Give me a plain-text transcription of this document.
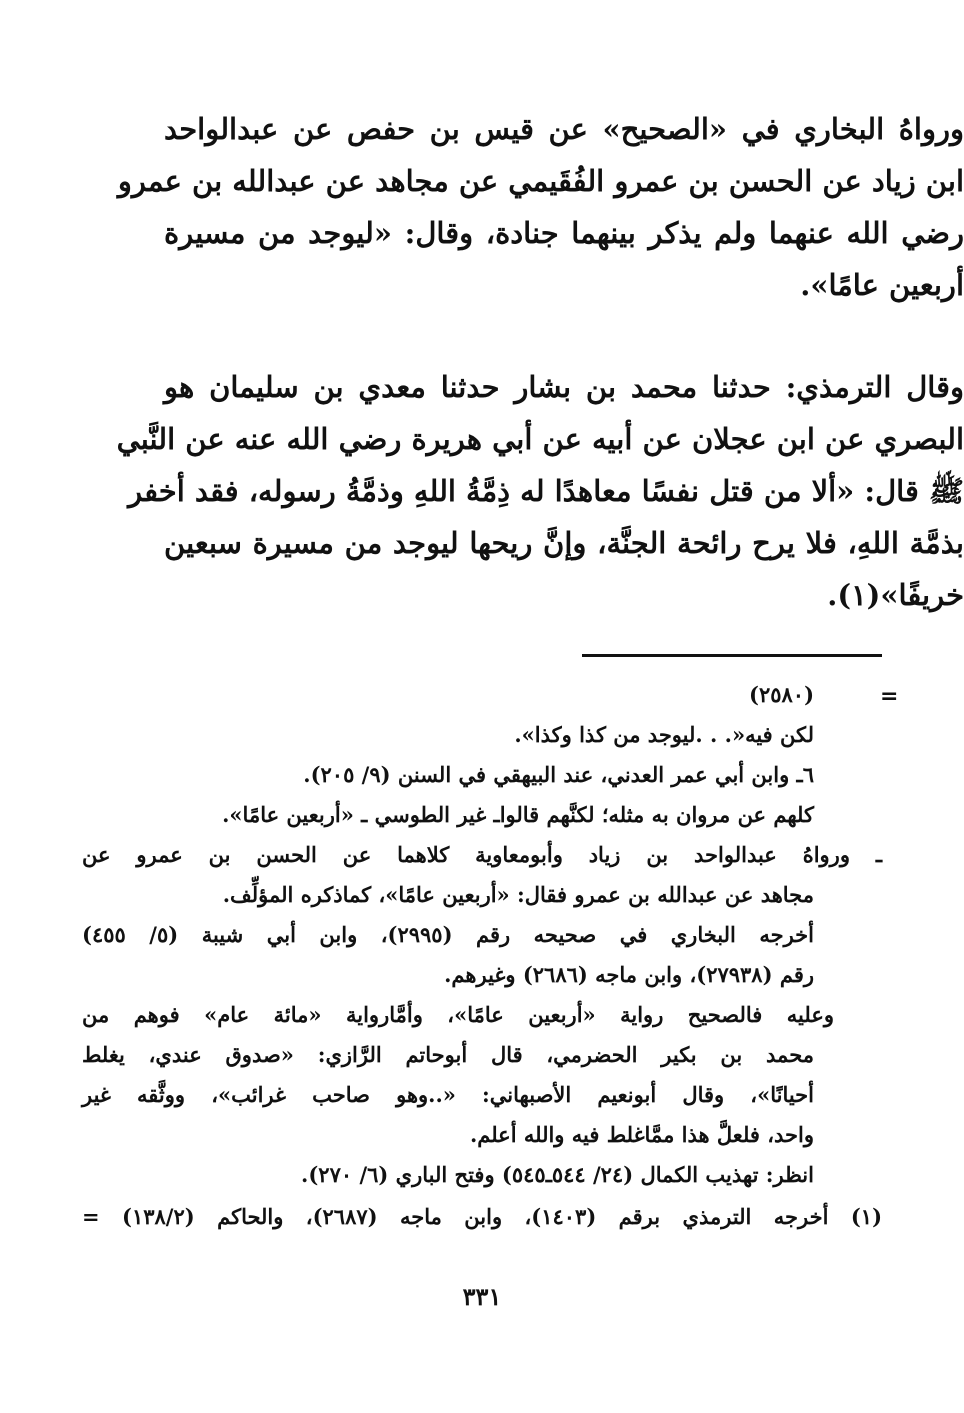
ورواهُ البخاري في «الصحيح» عن قيس بن حفص عن عبدالواحد
ابن زياد عن الحسن بن عمرو الفُقَيمي عن مجاهد عن عبدالله بن عمرو
رضي الله عنهما ولم يذكر بينهما جنادة، وقال: «ليوجد من مسيرة
أربعين عامًا».
وقال الترمذي: حدثنا محمد بن بشار حدثنا معدي بن سليمان هو
البصري عن ابن عجلان عن أبيه عن أبي هريرة رضي الله عنه عن النَّبي
ﷺ قال: «ألا من قتل نفسًا معاهدًا له ذِمَّةُ اللهِ وذمَّةُ رسوله، فقد أخفر
بذمَّة اللهِ، فلا يرح رائحة الجنَّة، وإنَّ ريحها ليوجد من مسيرة سبعين
خريفًا»(١).
=
(٢٥٨٠)
لكن فيه«. . .ليوجد من كذا وكذا».
٦ـ وابن أبي عمر العدني، عند البيهقي في السنن (٩/ ٢٠٥).
كلهم عن مروان به مثله؛ لكنَّهم قالواـ غير الطوسي ـ «أربعين عامًا».
ـ ورواهُ عبدالواحد بن زياد وأبومعاوية كلاهما عن الحسن بن عمرو عن
مجاهد عن عبدالله بن عمرو فقال: «أربعين عامًا»، كماذكره المؤلِّف.
أخرجه البخاري في صحيحه رقم (٢٩٩٥)، وابن أبي شيبة (٥/ ٤٥٥)
رقم (٢٧٩٣٨)، وابن ماجه (٢٦٨٦) وغيرهم.
وعليه فالصحيح رواية «أربعين عامًا»، وأمَّارواية «مائة عام» فوهم من
محمد بن بكير الحضرمي، قال أبوحاتم الرَّازي: «صدوق عندي، يغلط
أحيانًا»، وقال أبونعيم الأصبهاني: «..وهو صاحب غرائب»، ووثَّقه غير
واحد، فلعلَّ هذا ممَّاغلط فيه والله أعلم.
انظر: تهذيب الكمال (٢٤/ ٥٤٤ـ٥٤٥) وفتح الباري (٦/ ٢٧٠).
(١) أخرجه الترمذي برقم (١٤٠٣)، وابن ماجه (٢٦٨٧)، والحاكم (١٣٨/٢) =
٣٣١
